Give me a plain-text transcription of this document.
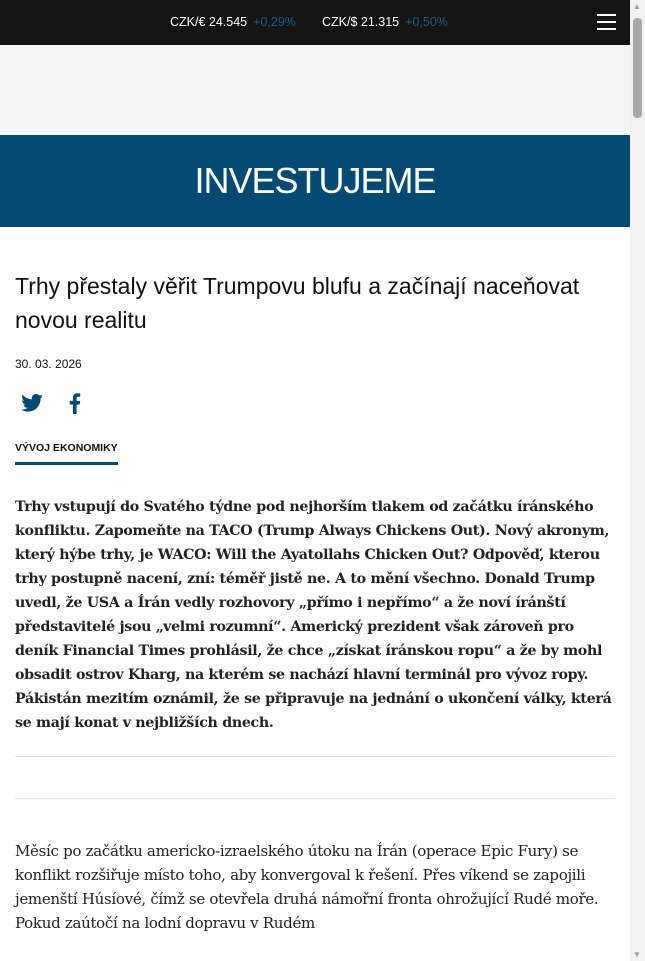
CZK/€ 24.545 +0,29% CZK/$ 21.315 +0,50%
INVESTUJEME
Trhy přestaly věřit Trumpovu blufu a začínají naceňovat novou realitu
30. 03. 2026
VÝVOJ EKONOMIKY

Trhy vstupují do Svatého týdne pod nejhorším tlakem od začátku íránského konfliktu. Zapomeňte na TACO (Trump Always Chickens Out). Nový akronym, který hýbe trhy, je WACO: Will the Ayatollahs Chicken Out? Odpověď, kterou trhy postupně nacení, zní: téměř jistě ne. A to mění všechno. Donald Trump uvedl, že USA a Írán vedly rozhovory „přímo i nepřímo“ a že noví íránští představitelé jsou „velmi rozumní“. Americký prezident však zároveň pro deník Financial Times prohlásil, že chce „získat íránskou ropu“ a že by mohl obsadit ostrov Kharg, na kterém se nachází hlavní terminál pro vývoz ropy. Pákistán mezitím oznámil, že se připravuje na jednání o ukončení války, která se mají konat v nejbližších dnech.

Měsíc po začátku americko-izraelského útoku na Írán (operace Epic Fury) se konflikt rozšiřuje místo toho, aby konvergoval k řešení. Přes víkend se zapojili jemenští Húsíové, čímž se otevřela druhá námořní fronta ohrožující Rudé moře. Pokud zaútočí na lodní dopravu v Rudém

▲
▼
